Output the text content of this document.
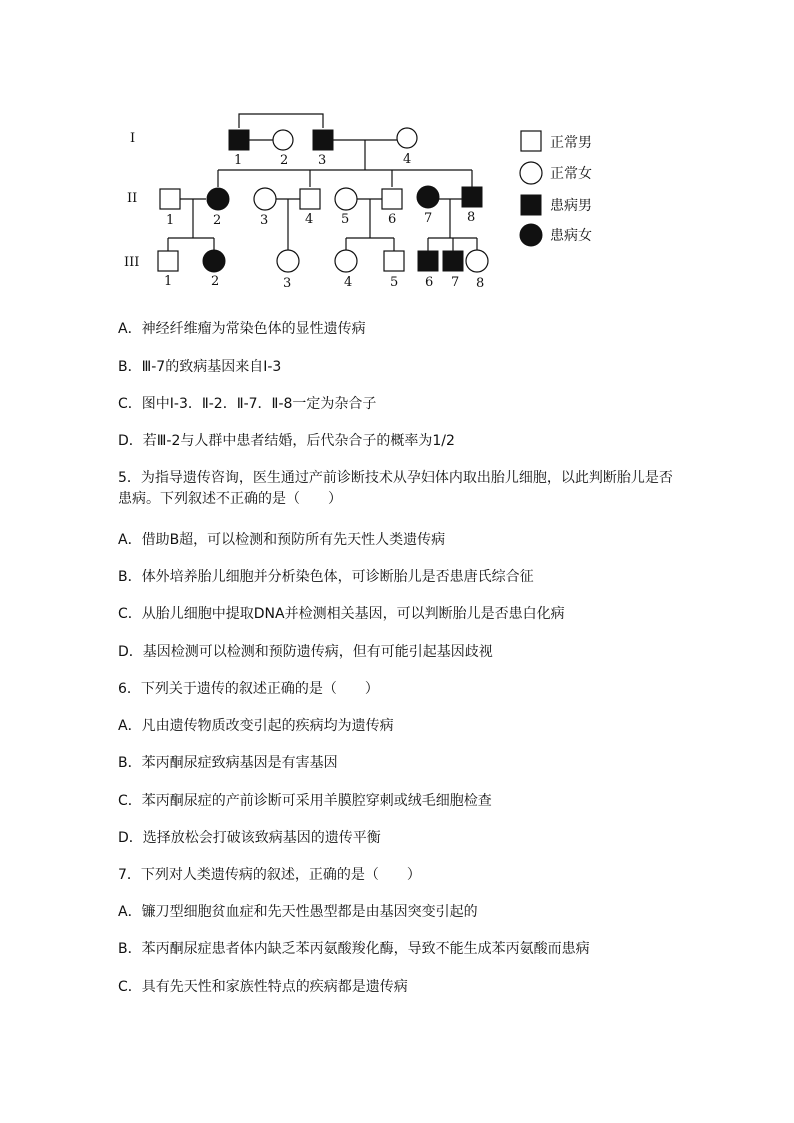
I
II
III
1	2 3	4
1	2	3	4 5	6 7	8
1	2	3	4	5 6 7 8
正常男
正常女
患病男
患病女
A．神经纤维瘤为常染色体的显性遗传病
B．Ⅲ-7的致病基因来自Ⅰ-3
C．图中Ⅰ-3．Ⅱ-2．Ⅱ-7．Ⅱ-8一定为杂合子
D．若Ⅲ-2与人群中患者结婚，后代杂合子的概率为1/2
5．为指导遗传咨询，医生通过产前诊断技术从孕妇体内取出胎儿细胞，以此判断胎儿是否患病。下列叙述不正确的是（　　）
A．借助B超，可以检测和预防所有先天性人类遗传病
B．体外培养胎儿细胞并分析染色体，可诊断胎儿是否患唐氏综合征
C．从胎儿细胞中提取DNA并检测相关基因，可以判断胎儿是否患白化病
D．基因检测可以检测和预防遗传病，但有可能引起基因歧视
6．下列关于遗传的叙述正确的是（　　）
A．凡由遗传物质改变引起的疾病均为遗传病
B．苯丙酮尿症致病基因是有害基因
C．苯丙酮尿症的产前诊断可采用羊膜腔穿刺或绒毛细胞检查
D．选择放松会打破该致病基因的遗传平衡
7．下列对人类遗传病的叙述，正确的是（　　）
A．镰刀型细胞贫血症和先天性愚型都是由基因突变引起的
B．苯丙酮尿症患者体内缺乏苯丙氨酸羧化酶，导致不能生成苯丙氨酸而患病
C．具有先天性和家族性特点的疾病都是遗传病
